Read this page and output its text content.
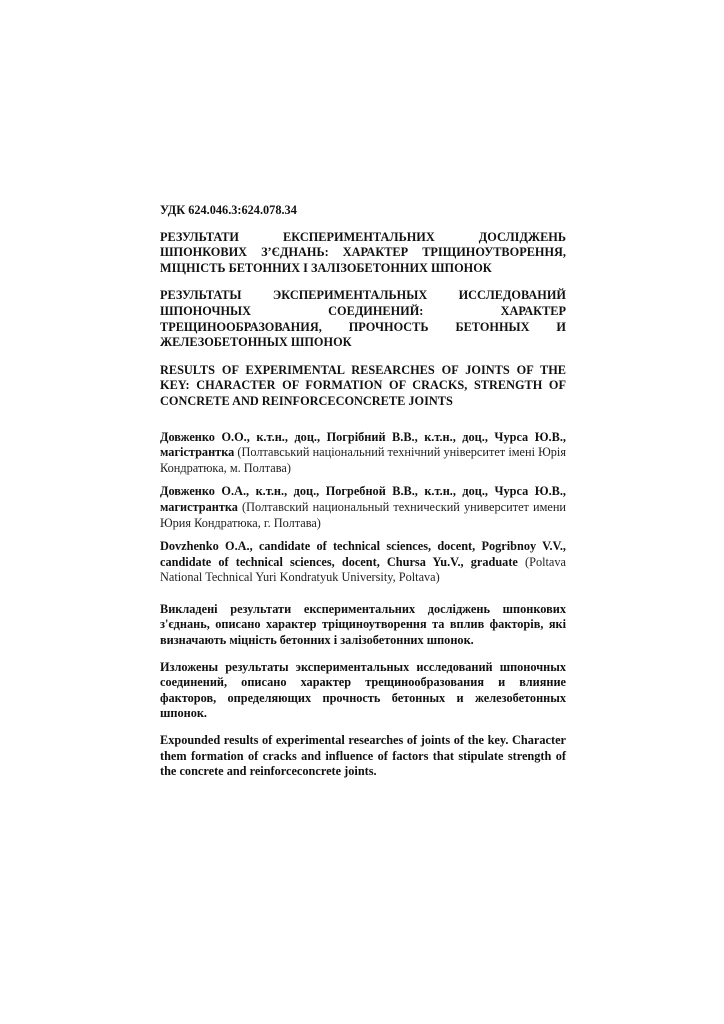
УДК 624.046.3:624.078.34
РЕЗУЛЬТАТИ ЕКСПЕРИМЕНТАЛЬНИХ ДОСЛІДЖЕНЬ ШПОНКОВИХ З’ЄДНАНЬ: ХАРАКТЕР ТРІЩИНОУТВОРЕННЯ, МІЦНІСТЬ БЕТОННИХ І ЗАЛІЗОБЕТОННИХ ШПОНОК
РЕЗУЛЬТАТЫ ЭКСПЕРИМЕНТАЛЬНЫХ ИССЛЕДОВАНИЙ ШПОНОЧНЫХ СОЕДИНЕНИЙ: ХАРАКТЕР ТРЕЩИНООБРАЗОВАНИЯ, ПРОЧНОСТЬ БЕТОННЫХ И ЖЕЛЕЗОБЕТОННЫХ ШПОНОК
RESULTS OF EXPERIMENTAL RESEARCHES OF JOINTS OF THE KEY: CHARACTER OF FORMATION OF CRACKS, STRENGTH OF CONCRETE AND REINFORCECONCRETE JOINTS
Довженко О.О., к.т.н., доц., Погрібний В.В., к.т.н., доц., Чурса Ю.В., магістрантка (Полтавський національний технічний університет імені Юрія Кондратюка, м. Полтава)
Довженко О.А., к.т.н., доц., Погребной В.В., к.т.н., доц., Чурса Ю.В., магистрантка (Полтавский национальный технический университет имени Юрия Кондратюка, г. Полтава)
Dovzhenko O.A., candidate of technical sciences, docent, Pogribnoy V.V., candidate of technical sciences, docent, Chursa Yu.V., graduate (Poltava National Technical Yuri Kondratyuk University, Poltava)
Викладені результати експериментальних досліджень шпонкових з'єднань, описано характер тріщиноутворення та вплив факторів, які визначають міцність бетонних і залізобетонних шпонок.
Изложены результаты экспериментальных исследований шпоночных соединений, описано характер трещинообразования и влияние факторов, определяющих прочность бетонных и железобетонных шпонок.
Expounded results of experimental researches of joints of the key. Character them formation of cracks and influence of factors that stipulate strength of the concrete and reinforceconcrete joints.
